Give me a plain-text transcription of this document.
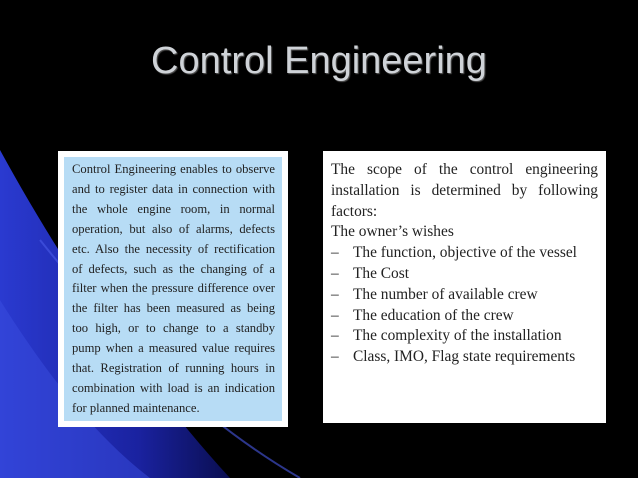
Control Engineering
Control Engineering enables to observe and to register data in connection with the whole engine room, in normal operation, but also of alarms, defects etc. Also the necessity of rectification of defects, such as the changing of a filter when the pressure difference over the filter has been measured as being too high, or to change to a standby pump when a measured value requires that. Registration of running hours in combination with load is an indication for planned maintenance.

The scope of the control engineering installation is determined by following factors:

The owner’s wishes
– The function, objective of the vessel
– The Cost
– The number of available crew
– The education of the crew
– The complexity of the installation
– Class, IMO, Flag state requirements
